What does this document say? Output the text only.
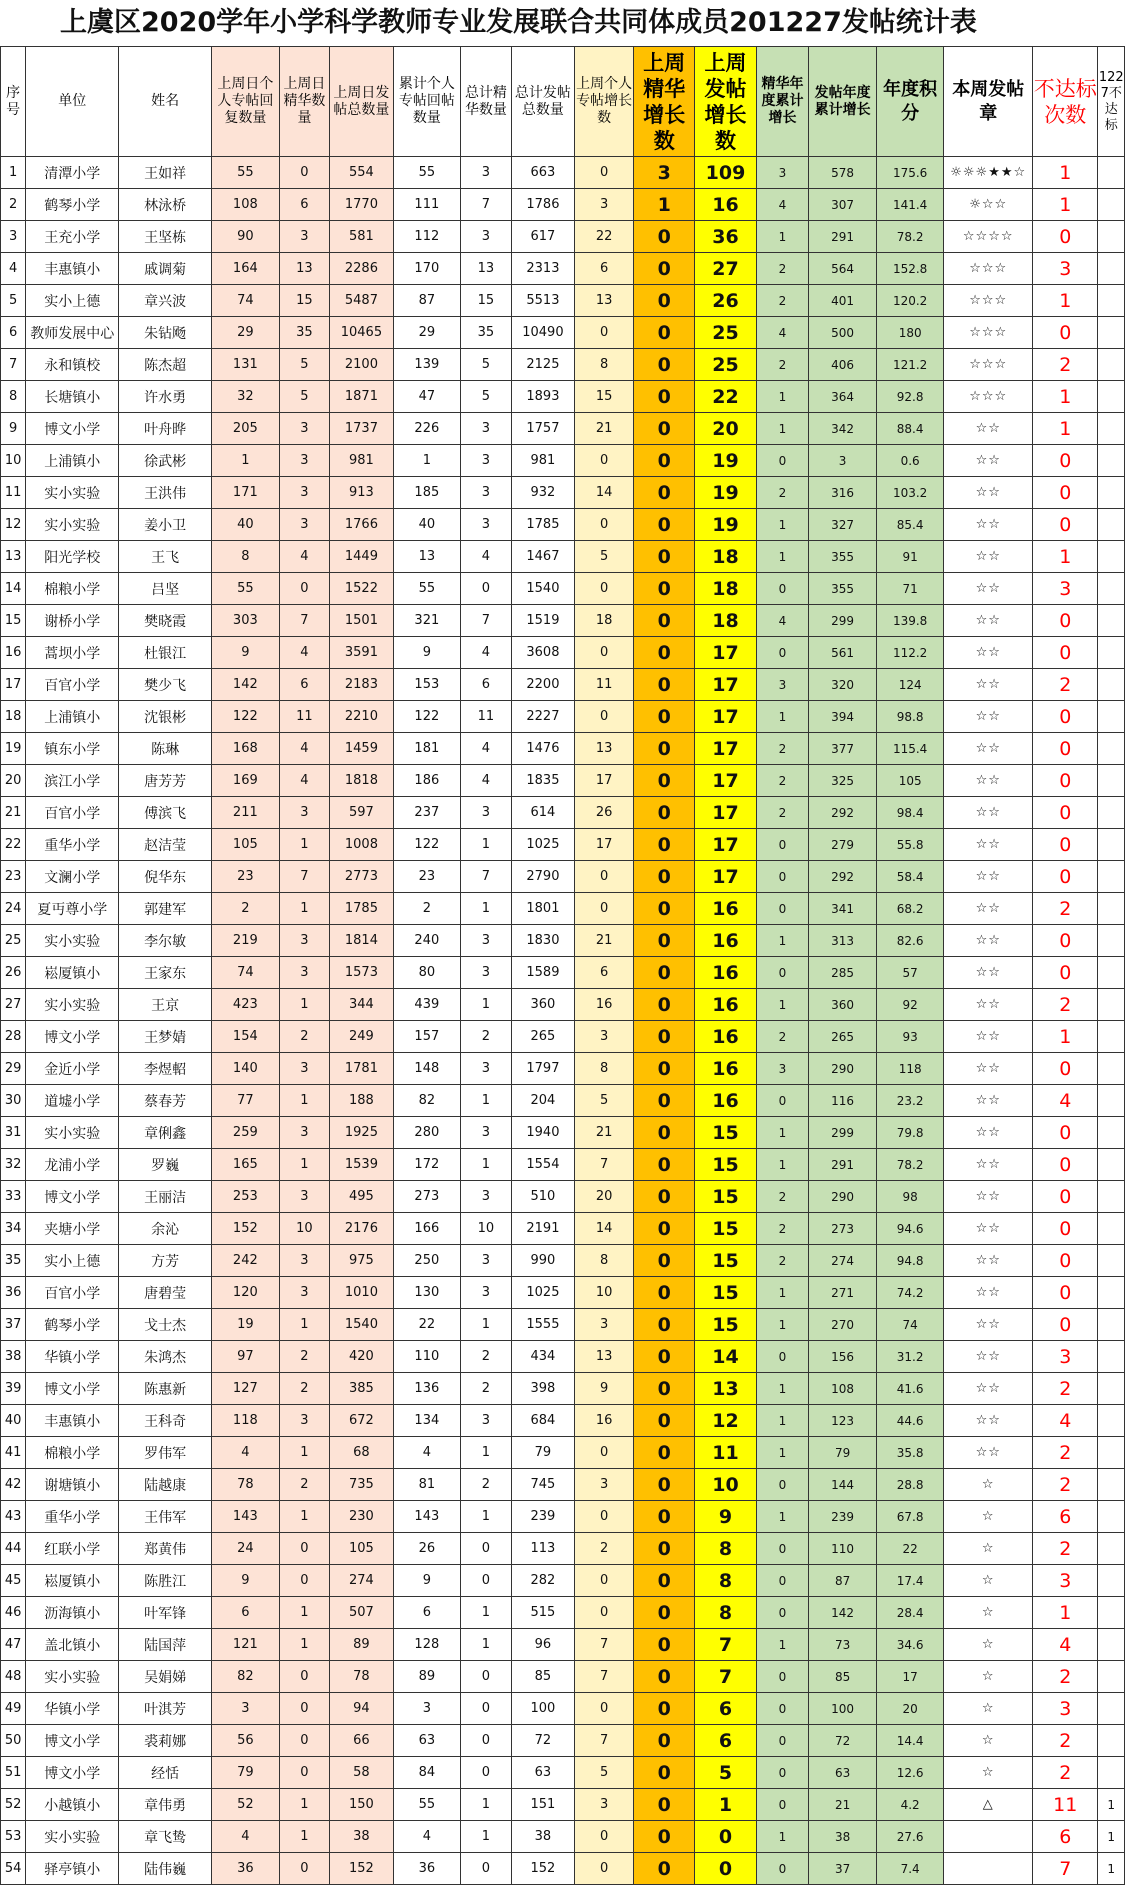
上虞区2020学年小学科学教师专业发展联合共同体成员201227发帖统计表
序号	单位	姓名	上周日个人专帖回复数量	上周日精华数量	上周日发帖总数量	累计个人专帖回帖数量	总计精华数量	总计发帖总数量	上周个人专帖增长数	上周精华增长数	上周发帖增长数	精华年度累计增长	发帖年度累计增长	年度积分	本周发帖章	不达标次数	1227不达标
1	清潭小学	王如祥	55	0	554	55	3	663	0	3	109	3	578	175.6	☼☼☼★★☆	1	
2	鹤琴小学	林泳桥	108	6	1770	111	7	1786	3	1	16	4	307	141.4	☼☆☆	1	
3	王充小学	王坚栋	90	3	581	112	3	617	22	0	36	1	291	78.2	☆☆☆☆	0	
4	丰惠镇小	戚调菊	164	13	2286	170	13	2313	6	0	27	2	564	152.8	☆☆☆	3	
5	实小上德	章兴波	74	15	5487	87	15	5513	13	0	26	2	401	120.2	☆☆☆	1	
6	教师发展中心	朱钻飏	29	35	10465	29	35	10490	0	0	25	4	500	180	☆☆☆	0	
7	永和镇校	陈杰超	131	5	2100	139	5	2125	8	0	25	2	406	121.2	☆☆☆	2	
8	长塘镇小	许水勇	32	5	1871	47	5	1893	15	0	22	1	364	92.8	☆☆☆	1	
9	博文小学	叶舟晔	205	3	1737	226	3	1757	21	0	20	1	342	88.4	☆☆	1	
10	上浦镇小	徐武彬	1	3	981	1	3	981	0	0	19	0	3	0.6	☆☆	0	
11	实小实验	王洪伟	171	3	913	185	3	932	14	0	19	2	316	103.2	☆☆	0	
12	实小实验	姜小卫	40	3	1766	40	3	1785	0	0	19	1	327	85.4	☆☆	0	
13	阳光学校	王飞	8	4	1449	13	4	1467	5	0	18	1	355	91	☆☆	1	
14	棉粮小学	吕坚	55	0	1522	55	0	1540	0	0	18	0	355	71	☆☆	3	
15	谢桥小学	樊晓霞	303	7	1501	321	7	1519	18	0	18	4	299	139.8	☆☆	0	
16	蒿坝小学	杜银江	9	4	3591	9	4	3608	0	0	17	0	561	112.2	☆☆	0	
17	百官小学	樊少飞	142	6	2183	153	6	2200	11	0	17	3	320	124	☆☆	2	
18	上浦镇小	沈银彬	122	11	2210	122	11	2227	0	0	17	1	394	98.8	☆☆	0	
19	镇东小学	陈琳	168	4	1459	181	4	1476	13	0	17	2	377	115.4	☆☆	0	
20	滨江小学	唐芳芳	169	4	1818	186	4	1835	17	0	17	2	325	105	☆☆	0	
21	百官小学	傅滨飞	211	3	597	237	3	614	26	0	17	2	292	98.4	☆☆	0	
22	重华小学	赵洁莹	105	1	1008	122	1	1025	17	0	17	0	279	55.8	☆☆	0	
23	文澜小学	倪华东	23	7	2773	23	7	2790	0	0	17	0	292	58.4	☆☆	0	
24	夏丏尊小学	郭建军	2	1	1785	2	1	1801	0	0	16	0	341	68.2	☆☆	2	
25	实小实验	李尔敏	219	3	1814	240	3	1830	21	0	16	1	313	82.6	☆☆	0	
26	崧厦镇小	王家东	74	3	1573	80	3	1589	6	0	16	0	285	57	☆☆	0	
27	实小实验	王京	423	1	344	439	1	360	16	0	16	1	360	92	☆☆	2	
28	博文小学	王梦婧	154	2	249	157	2	265	3	0	16	2	265	93	☆☆	1	
29	金近小学	李煜軺	140	3	1781	148	3	1797	8	0	16	3	290	118	☆☆	0	
30	道墟小学	蔡春芳	77	1	188	82	1	204	5	0	16	0	116	23.2	☆☆	4	
31	实小实验	章俐鑫	259	3	1925	280	3	1940	21	0	15	1	299	79.8	☆☆	0	
32	龙浦小学	罗巍	165	1	1539	172	1	1554	7	0	15	1	291	78.2	☆☆	0	
33	博文小学	王丽洁	253	3	495	273	3	510	20	0	15	2	290	98	☆☆	0	
34	夹塘小学	余沁	152	10	2176	166	10	2191	14	0	15	2	273	94.6	☆☆	0	
35	实小上德	方芳	242	3	975	250	3	990	8	0	15	2	274	94.8	☆☆	0	
36	百官小学	唐碧莹	120	3	1010	130	3	1025	10	0	15	1	271	74.2	☆☆	0	
37	鹤琴小学	戈士杰	19	1	1540	22	1	1555	3	0	15	1	270	74	☆☆	0	
38	华镇小学	朱鸿杰	97	2	420	110	2	434	13	0	14	0	156	31.2	☆☆	3	
39	博文小学	陈惠新	127	2	385	136	2	398	9	0	13	1	108	41.6	☆☆	2	
40	丰惠镇小	王科奇	118	3	672	134	3	684	16	0	12	1	123	44.6	☆☆	4	
41	棉粮小学	罗伟军	4	1	68	4	1	79	0	0	11	1	79	35.8	☆☆	2	
42	谢塘镇小	陆越康	78	2	735	81	2	745	3	0	10	0	144	28.8	☆	2	
43	重华小学	王伟军	143	1	230	143	1	239	0	0	9	1	239	67.8	☆	6	
44	红联小学	郑黄伟	24	0	105	26	0	113	2	0	8	0	110	22	☆	2	
45	崧厦镇小	陈胜江	9	0	274	9	0	282	0	0	8	0	87	17.4	☆	3	
46	沥海镇小	叶军锋	6	1	507	6	1	515	0	0	8	0	142	28.4	☆	1	
47	盖北镇小	陆国萍	121	1	89	128	1	96	7	0	7	1	73	34.6	☆	4	
48	实小实验	吴娟娣	82	0	78	89	0	85	7	0	7	0	85	17	☆	2	
49	华镇小学	叶淇芳	3	0	94	3	0	100	0	0	6	0	100	20	☆	3	
50	博文小学	裘莉娜	56	0	66	63	0	72	7	0	6	0	72	14.4	☆	2	
51	博文小学	经恬	79	0	58	84	0	63	5	0	5	0	63	12.6	☆	2	
52	小越镇小	章伟勇	52	1	150	55	1	151	3	0	1	0	21	4.2	△	11	1
53	实小实验	章飞鸷	4	1	38	4	1	38	0	0	0	1	38	27.6		6	1
54	驿亭镇小	陆伟巍	36	0	152	36	0	152	0	0	0	0	37	7.4		7	1
